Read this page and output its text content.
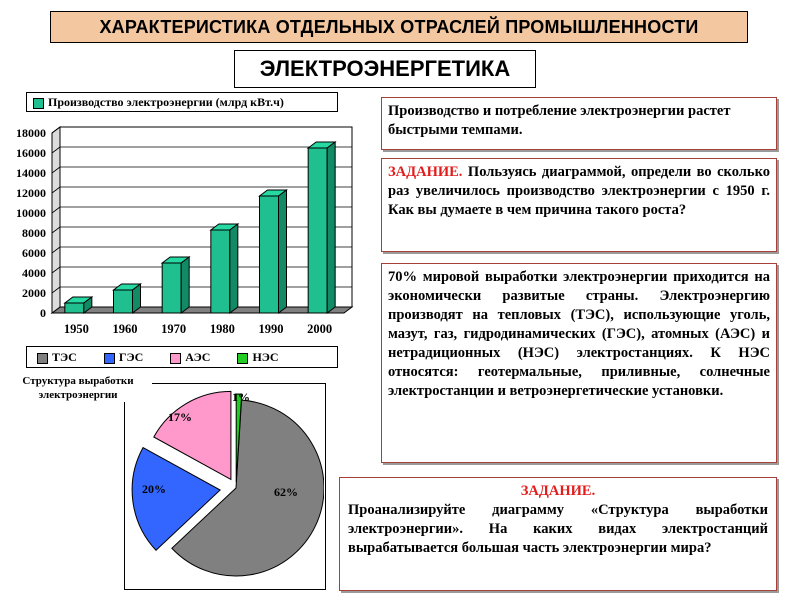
ХАРАКТЕРИСТИКА ОТДЕЛЬНЫХ ОТРАСЛЕЙ ПРОМЫШЛЕННОСТИ
ЭЛЕКТРОЭНЕРГЕТИКА
Производство электроэнергии (млрд кВт.ч)
0
2000
4000
6000
8000
10000
12000
14000
16000
18000
1950 1960 1970 1980 1990 2000
ТЭС	ГЭС	АЭС	НЭС
62%
20%
17%
1%
Структура выработки электроэнергии

Производство и потребление электроэнергии растет быстрыми темпами.

ЗАДАНИЕ. Пользуясь диаграммой, определи во сколько раз увеличилось производство электроэнергии с 1950 г. Как вы думаете в чем причина такого роста?

70% мировой выработки электроэнергии приходится на экономически развитые страны. Электроэнергию производят на тепловых (ТЭС), использующие уголь, мазут, газ, гидродинамических (ГЭС), атомных (АЭС) и нетрадиционных (НЭС) электростанциях. К НЭС относятся: геотермальные, приливные, солнечные электростанции и ветроэнергетические установки.

ЗАДАНИЕ.

Проанализируйте диаграмму «Структура выработки электроэнергии». На каких видах электростанций вырабатывается большая часть электроэнергии мира?
